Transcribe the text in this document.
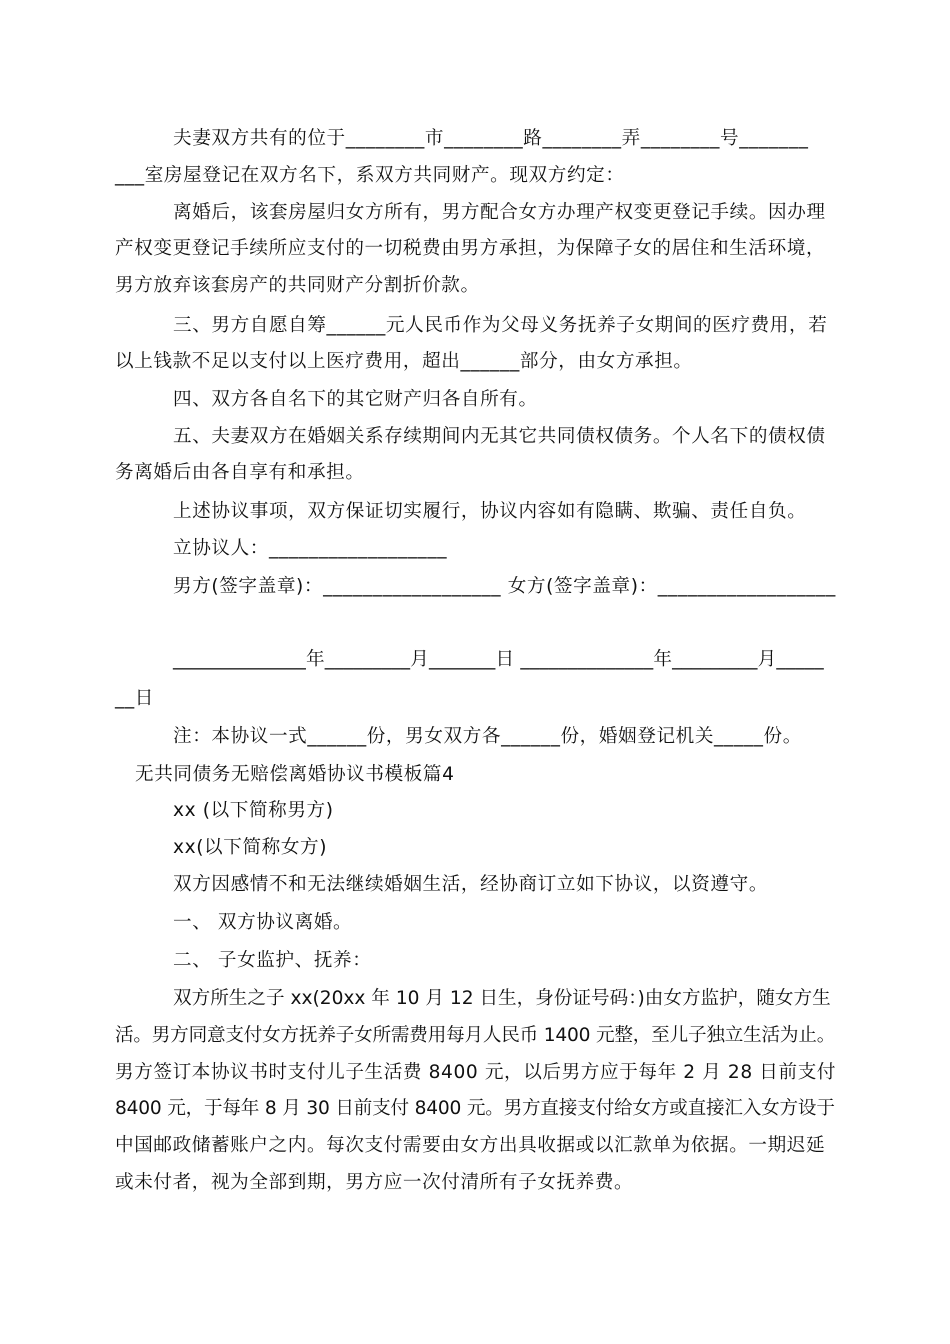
夫妻双方共有的位于________市________路________弄________号_______
___室房屋登记在双方名下，系双方共同财产。现双方约定：
离婚后，该套房屋归女方所有，男方配合女方办理产权变更登记手续。因办理
产权变更登记手续所应支付的一切税费由男方承担，为保障子女的居住和生活环境，
男方放弃该套房产的共同财产分割折价款。
三、男方自愿自筹______元人民币作为父母义务抚养子女期间的医疗费用，若
以上钱款不足以支付以上医疗费用，超出______部分，由女方承担。
四、双方各自名下的其它财产归各自所有。
五、夫妻双方在婚姻关系存续期间内无其它共同债权债务。个人名下的债权债
务离婚后由各自享有和承担。
上述协议事项，双方保证切实履行，协议内容如有隐瞒、欺骗、责任自负。
立协议人：__________________
男方(签字盖章)：__________________ 女方(签字盖章)：__________________
______________年_________月_______日 ______________年_________月_____
__日
注：本协议一式______份，男女双方各______份，婚姻登记机关_____份。
无共同债务无赔偿离婚协议书模板篇4
xx (以下简称男方)
xx(以下简称女方)
双方因感情不和无法继续婚姻生活，经协商订立如下协议，以资遵守。
一、 双方协议离婚。
二、 子女监护、抚养：
双方所生之子 xx(20xx 年 10 月 12 日生，身份证号码：)由女方监护，随女方生
活。男方同意支付女方抚养子女所需费用每月人民币 1400 元整，至儿子独立生活为止。
男方签订本协议书时支付儿子生活费 8400 元，以后男方应于每年 2 月 28 日前支付
8400 元，于每年 8 月 30 日前支付 8400 元。男方直接支付给女方或直接汇入女方设于
中国邮政储蓄账户之内。每次支付需要由女方出具收据或以汇款单为依据。一期迟延
或未付者，视为全部到期，男方应一次付清所有子女抚养费。
